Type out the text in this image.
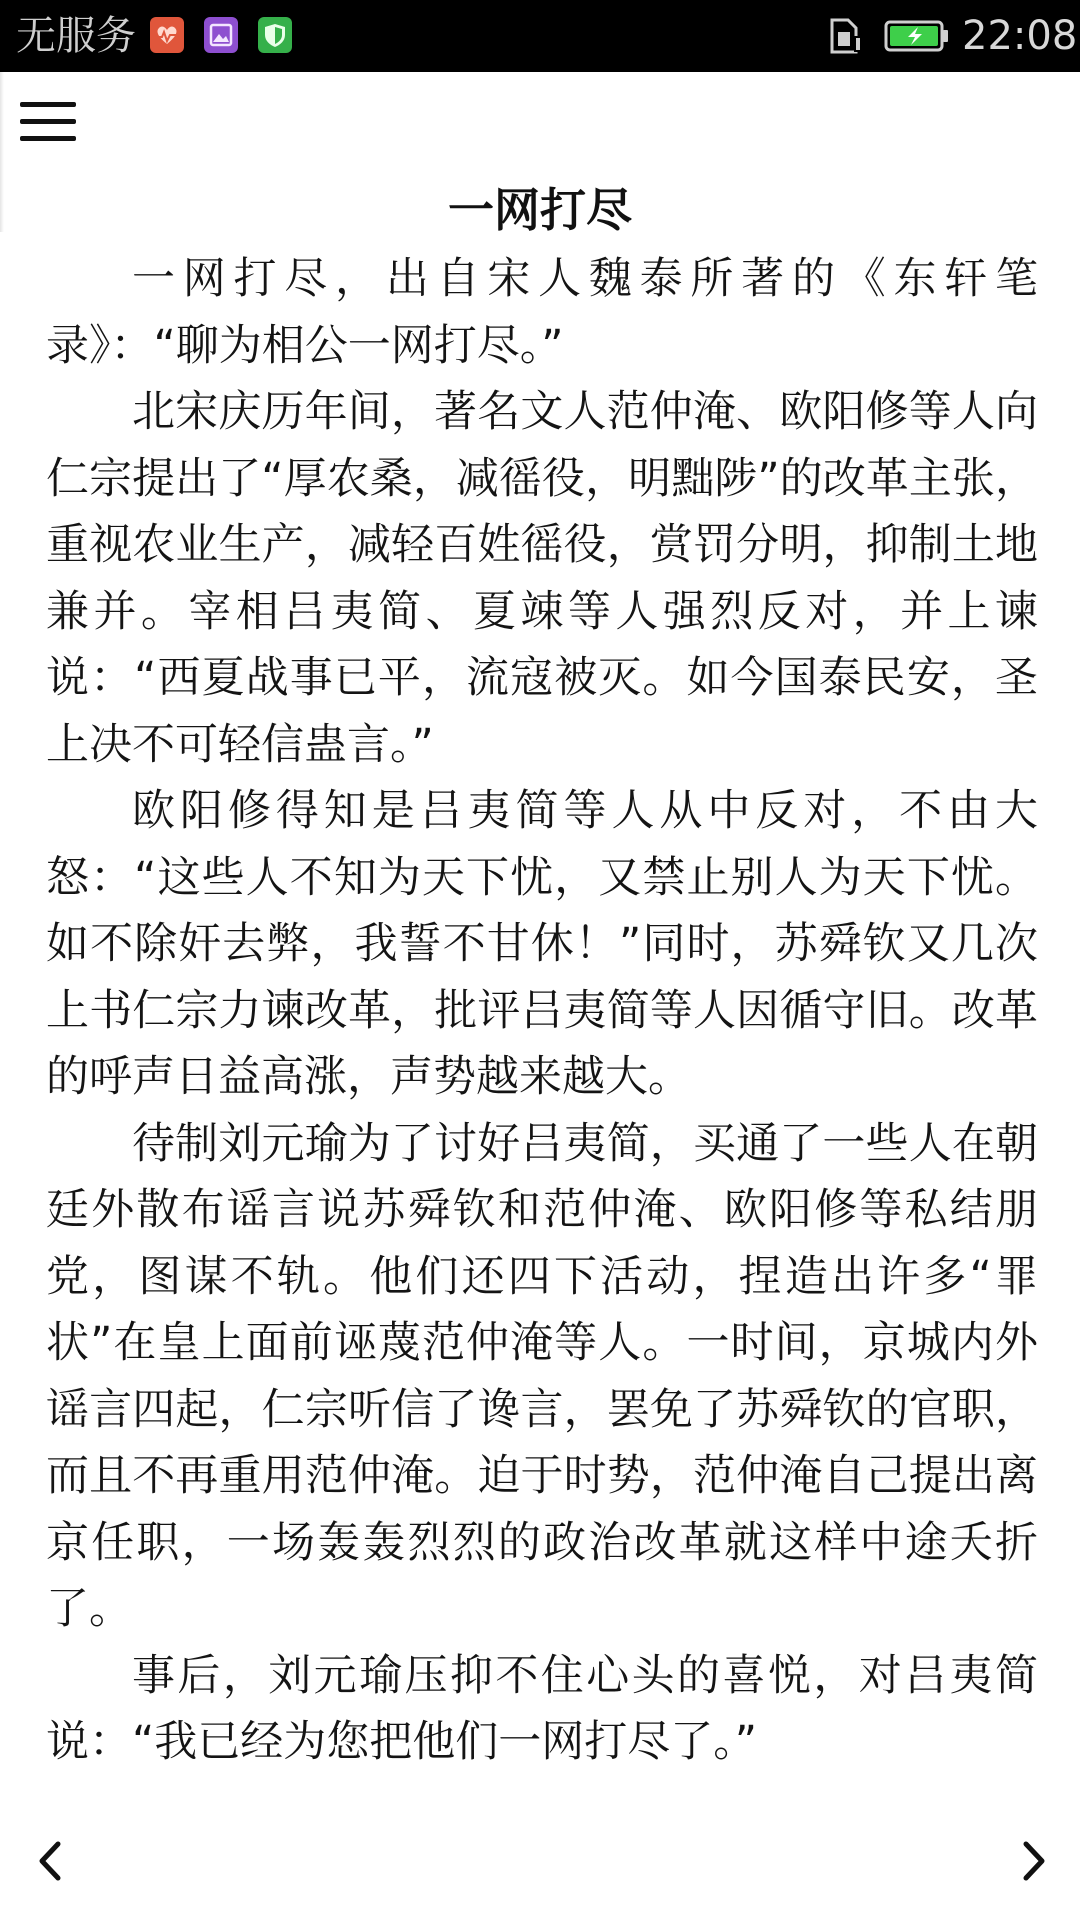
无服务	22:08
一网打尽

一网打尽，出自宋人魏泰所著的《东轩笔录》：“聊为相公一网打尽。”

北宋庆历年间，著名文人范仲淹、欧阳修等人向仁宗提出了“厚农桑，减徭役，明黜陟”的改革主张，重视农业生产，减轻百姓徭役，赏罚分明，抑制土地兼并。宰相吕夷简、夏竦等人强烈反对，并上谏说：“西夏战事已平，流寇被灭。如今国泰民安，圣上决不可轻信蛊言。”

欧阳修得知是吕夷简等人从中反对，不由大怒：“这些人不知为天下忧，又禁止别人为天下忧。如不除奸去弊，我誓不甘休！”同时，苏舜钦又几次上书仁宗力谏改革，批评吕夷简等人因循守旧。改革的呼声日益高涨，声势越来越大。

待制刘元瑜为了讨好吕夷简，买通了一些人在朝廷外散布谣言说苏舜钦和范仲淹、欧阳修等私结朋党，图谋不轨。他们还四下活动，捏造出许多“罪状”在皇上面前诬蔑范仲淹等人。一时间，京城内外谣言四起，仁宗听信了谗言，罢免了苏舜钦的官职，而且不再重用范仲淹。迫于时势，范仲淹自己提出离京任职，一场轰轰烈烈的政治改革就这样中途夭折了。

事后，刘元瑜压抑不住心头的喜悦，对吕夷简说：“我已经为您把他们一网打尽了。”
